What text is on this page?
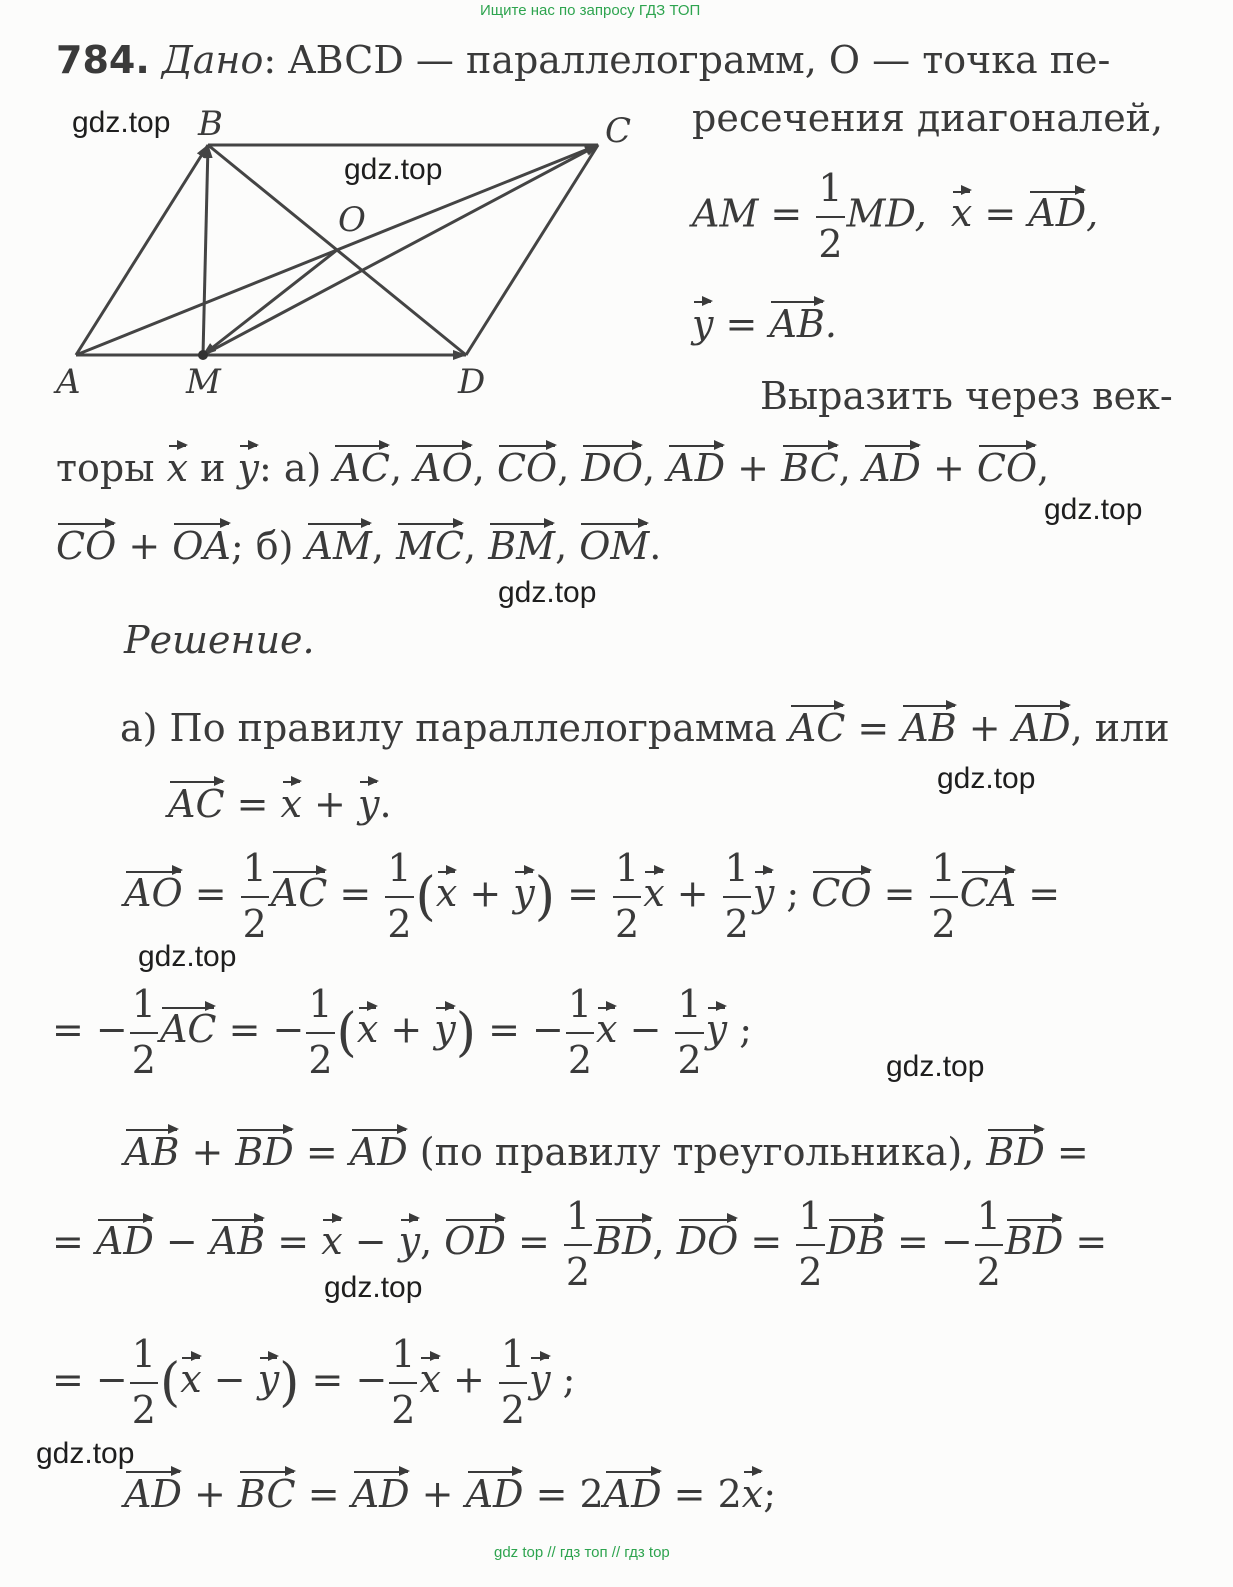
Ищите нас по запросу ГДЗ ТОП
784. Дано: ABCD — параллелограмм, O — точка пе-
ресечения диагоналей,
AM = $\frac{1}{2}$ MD,  x = AD,
y = AB.
Выразить через век-
торы x и y: а) AC, AO, CO, DO, AD + BC, AD + CO,
CO + OA; б) AM, MC, BM, OM.
A
B	C
D
O
M
Решение.
а) По правилу параллелограмма AC = AB + AD, или
AC = x + y.
AO = $\frac{1}{2}$ AC = $\frac{1}{2} (x + y) = \frac{1}{2}$ $x + \frac{1}{2}$ y ; CO = $\frac{1}{2}$ CA =
= − $\frac{1}{2}$ AC = − $\frac{1}{2} (x + y)$ = − $\frac{1}{2}$ $x - \frac{1}{2}$ y ;
AB + BD = AD (по правилу треугольника), BD =
= AD − AB = x − y, OD = $\frac{1}{2}$ BD, DO = $\frac{1}{2}$ DB = − $\frac{1}{2}$ BD =
= − $\frac{1}{2} (x - y)$ = − $\frac{1}{2}$ $x + \frac{1}{2}$ y ;
AD + BC = AD + AD = 2AD = 2x;
gdz.top
gdz.top
gdz.top
gdz.top
gdz.top
gdz.top
gdz.top
gdz.top
gdz.top
gdz top // гдз топ // гдз top
